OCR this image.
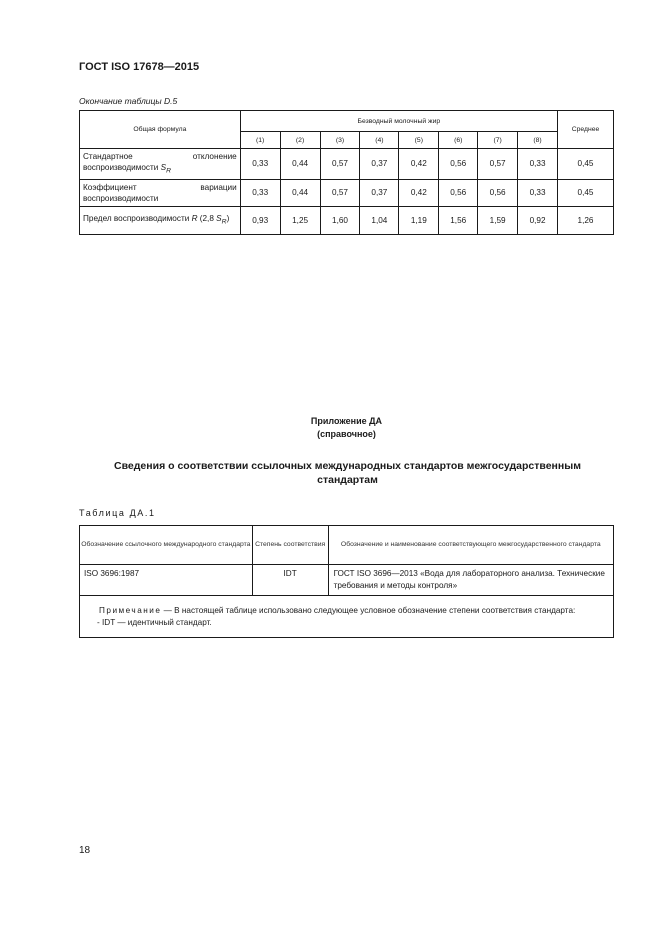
ГОСТ ISO 17678—2015
Окончание таблицы D.5
Общая формула	Безводный молочный жир								Среднее
	(1)	(2)	(3)	(4)	(5)	(6)	(7)	(8)	
Стандартное отклонение воспроизводимости $S_R$	0,33	0,44	0,57	0,37	0,42	0,56	0,57	0,33	0,45
Коэффициент вариации воспроизводимости	0,33	0,44	0,57	0,37	0,42	0,56	0,56	0,33	0,45
Предел воспроизводимости R (2,8 $S_R$)	0,93	1,25	1,60	1,04	1,19	1,56	1,59	0,92	1,26
Приложение ДА
(справочное)
Сведения о соответствии ссылочных международных стандартов межгосударственным стандартам
Таблица ДА.1
Обозначение ссылочного международного стандарта	Степень соответствия	Обозначение и наименование соответствующего межгосударственного стандарта
ISO 3696:1987	IDT	ГОСТ ISO 3696—2013 «Вода для лабораторного анализа. Технические требования и методы контроля»
Примечание — В настоящей таблице использовано следующее условное обозначение степени соответствия стандарта:
- IDT — идентичный стандарт.		
18
